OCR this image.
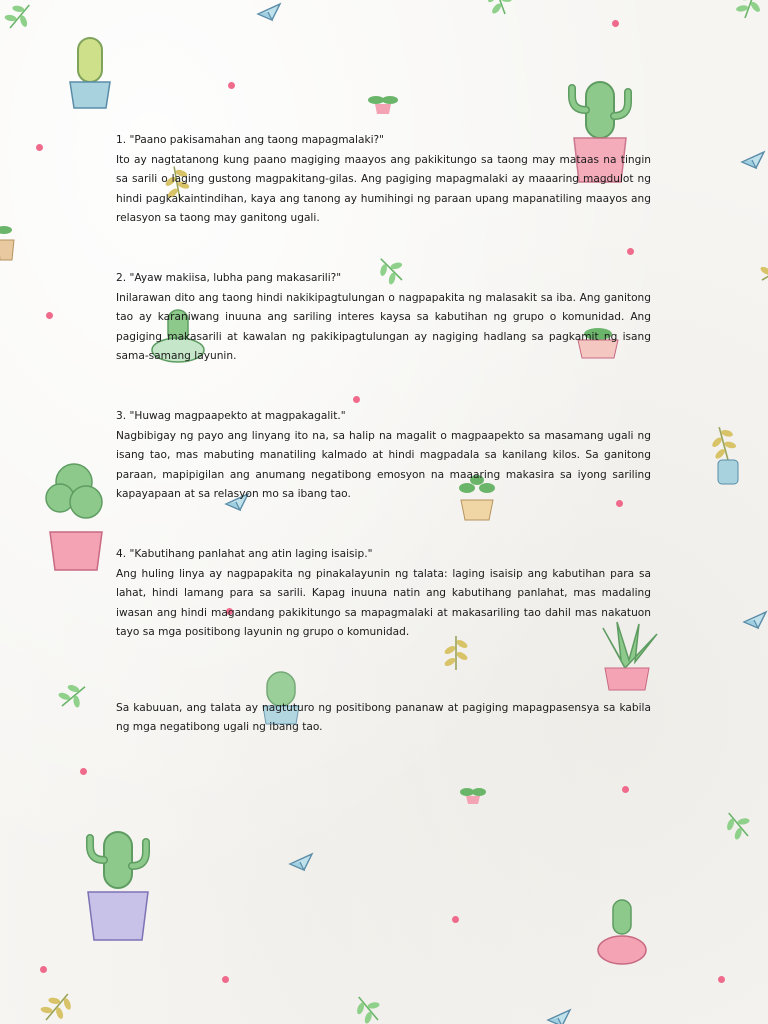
1. "Paano pakisamahan ang taong mapagmalaki?"
Ito ay nagtatanong kung paano magiging maayos ang pakikitungo sa taong may mataas na tingin sa sarili o laging gustong magpakitang-gilas. Ang pagiging mapagmalaki ay maaaring magdulot ng hindi pagkakaintindihan, kaya ang tanong ay humihingi ng paraan upang mapanatiling maayos ang relasyon sa taong may ganitong ugali.
2. "Ayaw makiisa, lubha pang makasarili?"
Inilarawan dito ang taong hindi nakikipagtulungan o nagpapakita ng malasakit sa iba. Ang ganitong tao ay karaniwang inuuna ang sariling interes kaysa sa kabutihan ng grupo o komunidad. Ang pagiging makasarili at kawalan ng pakikipagtulungan ay nagiging hadlang sa pagkamit ng isang sama-samang layunin.
3. "Huwag magpaapekto at magpakagalit."
Nagbibigay ng payo ang linyang ito na, sa halip na magalit o magpaapekto sa masamang ugali ng isang tao, mas mabuting manatiling kalmado at hindi magpadala sa kanilang kilos. Sa ganitong paraan, mapipigilan ang anumang negatibong emosyon na maaaring makasira sa iyong sariling kapayapaan at sa relasyon mo sa ibang tao.
4. "Kabutihang panlahat ang atin laging isaisip."
Ang huling linya ay nagpapakita ng pinakalayunin ng talata: laging isaisip ang kabutihan para sa lahat, hindi lamang para sa sarili. Kapag inuuna natin ang kabutihang panlahat, mas madaling iwasan ang hindi magandang pakikitungo sa mapagmalaki at makasariling tao dahil mas nakatuon tayo sa mga positibong layunin ng grupo o komunidad.
Sa kabuuan, ang talata ay nagtuturo ng positibong pananaw at pagiging mapagpasensya sa kabila ng mga negatibong ugali ng ibang tao.
